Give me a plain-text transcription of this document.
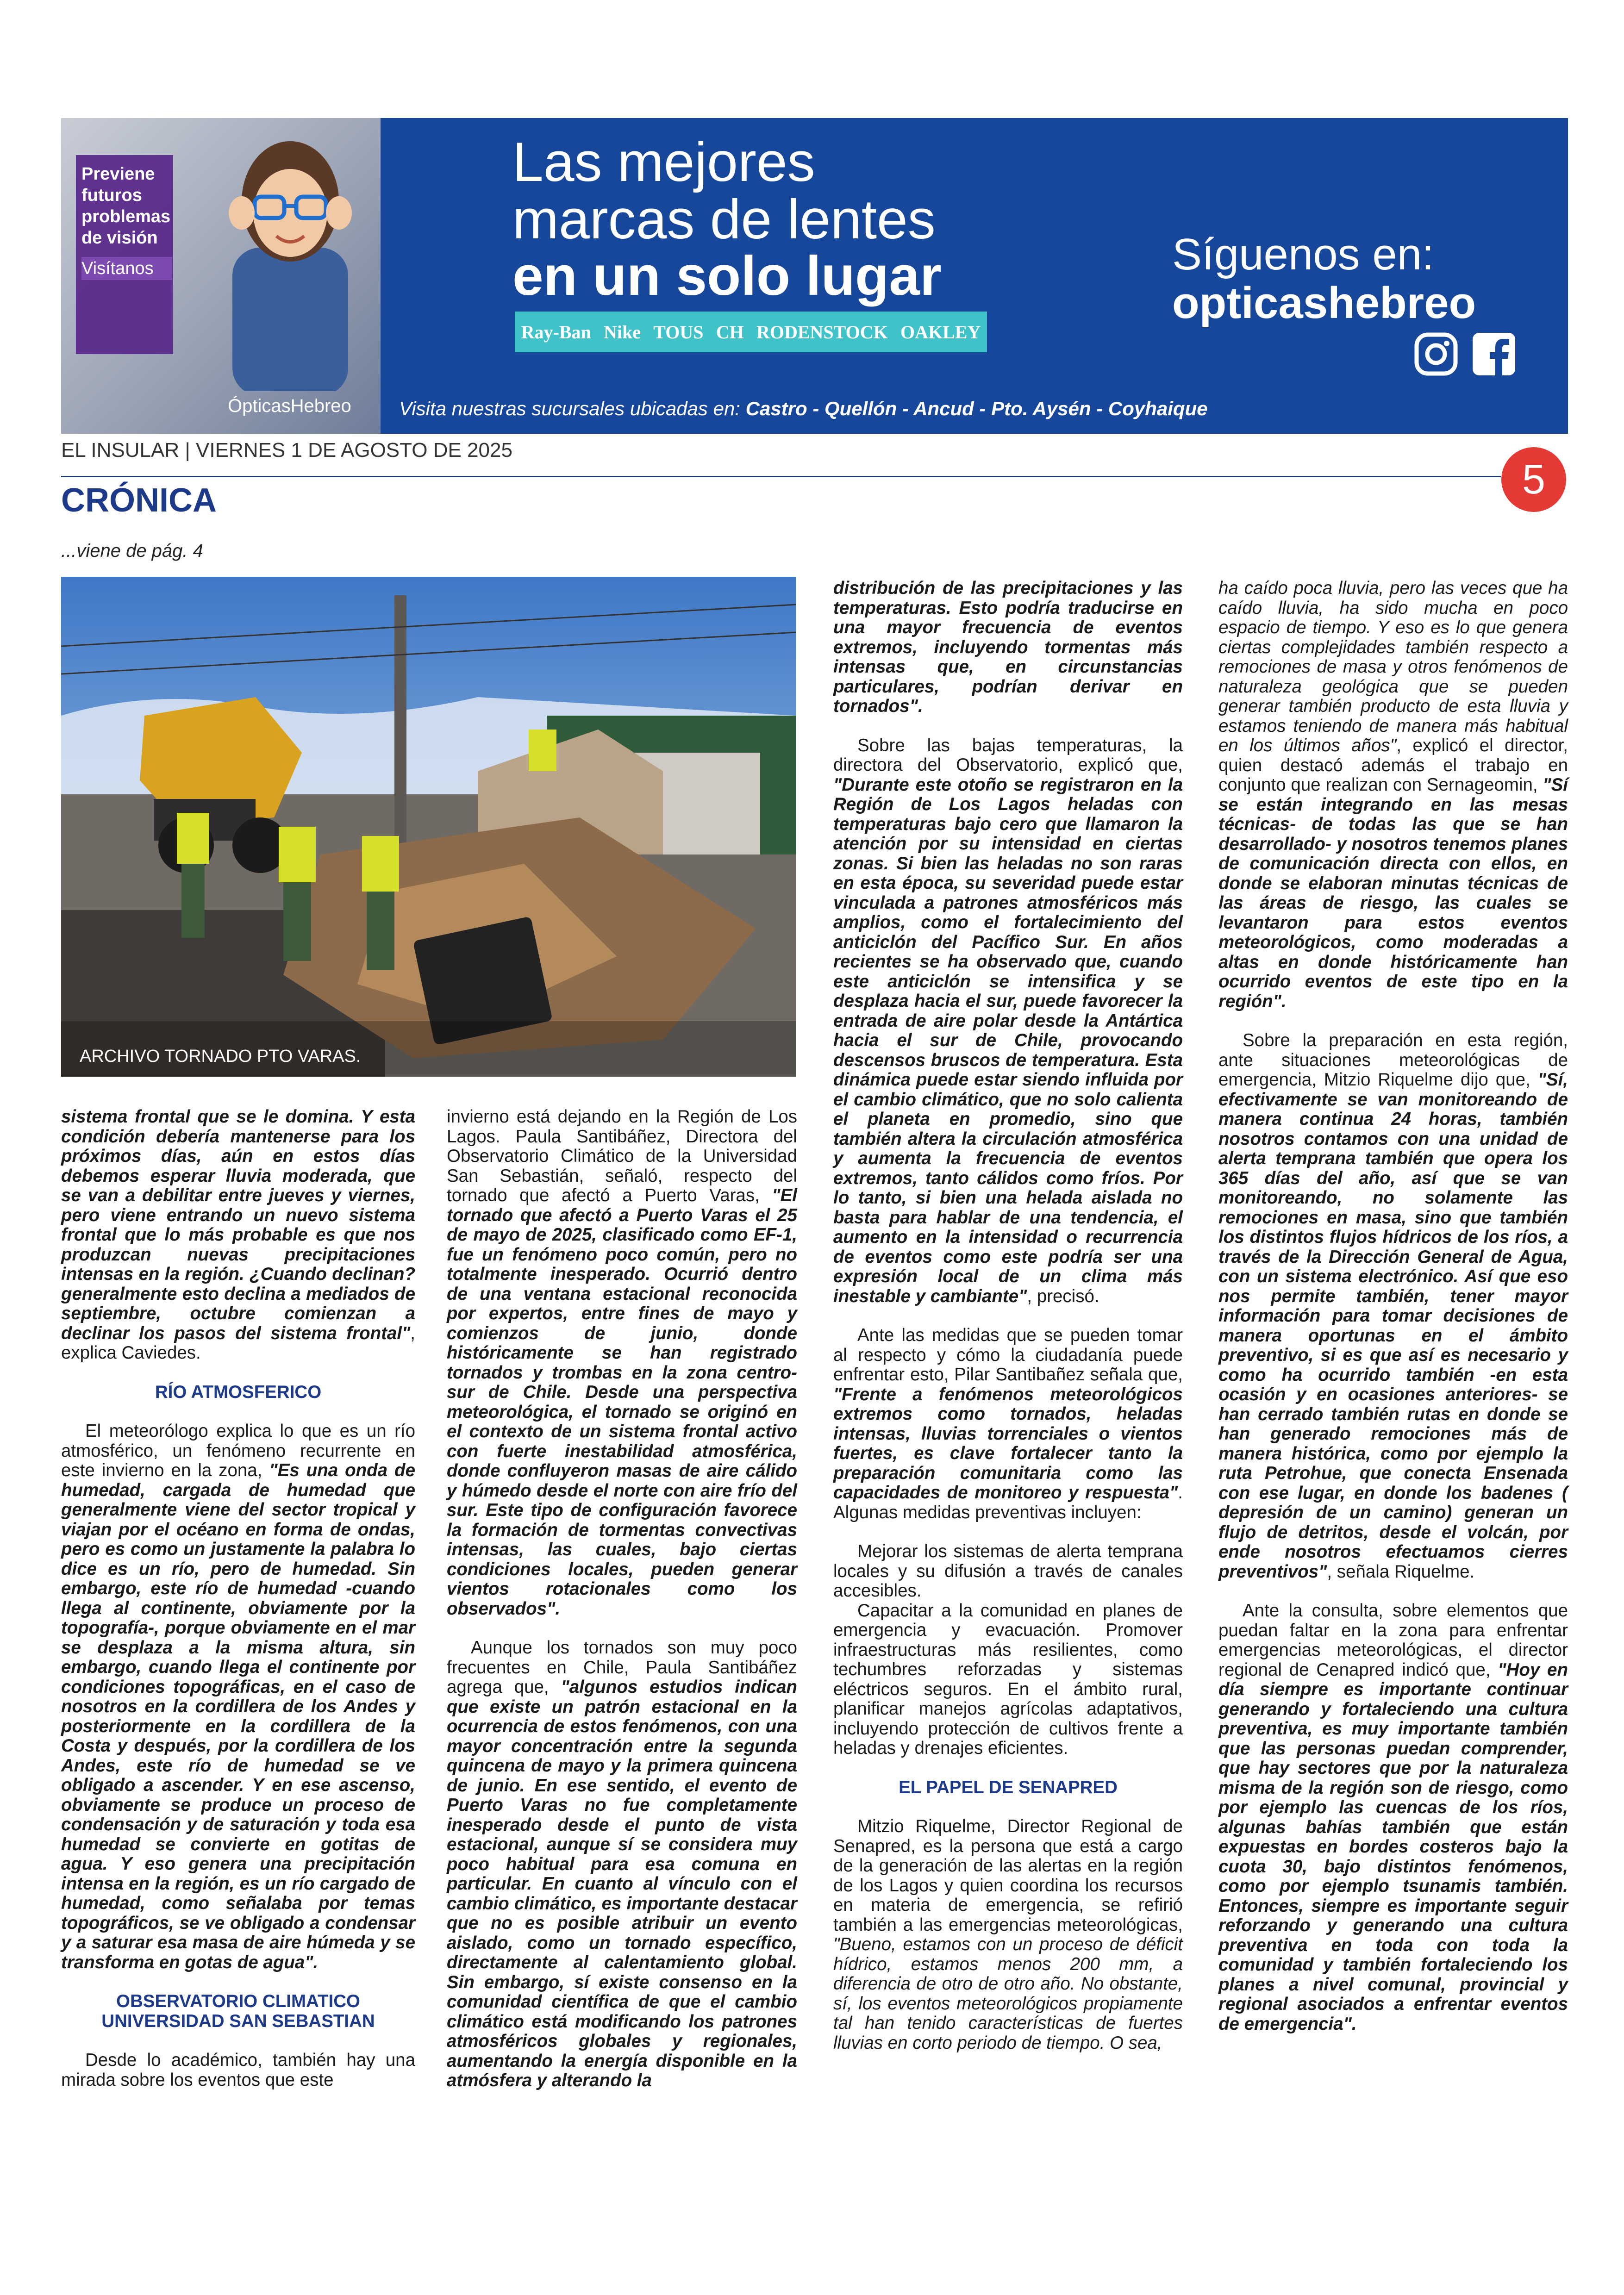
Previene futuros problemas de visión
Visítanos
ÓpticasHebreo
Las mejores
marcas de lentes
en un solo lugar
Ray-Ban Nike TOUS CH RODENSTOCK OAKLEY
Síguenos en:
opticashebreo
Visita nuestras sucursales ubicadas en: Castro - Quellón - Ancud - Pto. Aysén - Coyhaique
EL INSULAR | VIERNES 1 DE AGOSTO DE 2025
5
CRÓNICA
...viene de pág. 4
ARCHIVO TORNADO PTO VARAS.

sistema frontal que se le domina. Y esta condición debería mantenerse para los próximos días, aún en estos días debemos esperar lluvia moderada, que se van a debilitar entre jueves y viernes, pero viene entrando un nuevo sistema frontal que lo más probable es que nos produzcan nuevas precipitaciones intensas en la región. ¿Cuando declinan? generalmente esto declina a mediados de septiembre, octubre comienzan a declinar los pasos del sistema frontal", explica Caviedes.

RÍO ATMOSFERICO

El meteorólogo explica lo que es un río atmosférico, un fenómeno recurrente en este invierno en la zona, "Es una onda de humedad, cargada de humedad que generalmente viene del sector tropical y viajan por el océano en forma de ondas, pero es como un justamente la palabra lo dice es un río, pero de humedad. Sin embargo, este río de humedad -cuando llega al continente, obviamente por la topografía-, porque obviamente en el mar se desplaza a la misma altura, sin embargo, cuando llega el continente por condiciones topográficas, en el caso de nosotros en la cordillera de los Andes y posteriormente en la cordillera de la Costa y después, por la cordillera de los Andes, este río de humedad se ve obligado a ascender. Y en ese ascenso, obviamente se produce un proceso de condensación y de saturación y toda esa humedad se convierte en gotitas de agua. Y eso genera una precipitación intensa en la región, es un río cargado de humedad, como señalaba por temas topográficos, se ve obligado a condensar y a saturar esa masa de aire húmeda y se transforma en gotas de agua".

OBSERVATORIO CLIMATICO UNIVERSIDAD SAN SEBASTIAN

Desde lo académico, también hay una mirada sobre los eventos que este

invierno está dejando en la Región de Los Lagos. Paula Santibáñez, Directora del Observatorio Climático de la Universidad San Sebastián, señaló, respecto del tornado que afectó a Puerto Varas, "El tornado que afectó a Puerto Varas el 25 de mayo de 2025, clasificado como EF-1, fue un fenómeno poco común, pero no totalmente inesperado. Ocurrió dentro de una ventana estacional reconocida por expertos, entre fines de mayo y comienzos de junio, donde históricamente se han registrado tornados y trombas en la zona centro-sur de Chile. Desde una perspectiva meteorológica, el tornado se originó en el contexto de un sistema frontal activo con fuerte inestabilidad atmosférica, donde confluyeron masas de aire cálido y húmedo desde el norte con aire frío del sur. Este tipo de configuración favorece la formación de tormentas convectivas intensas, las cuales, bajo ciertas condiciones locales, pueden generar vientos rotacionales como los observados".

Aunque los tornados son muy poco frecuentes en Chile, Paula Santibáñez agrega que, "algunos estudios indican que existe un patrón estacional en la ocurrencia de estos fenómenos, con una mayor concentración entre la segunda quincena de mayo y la primera quincena de junio. En ese sentido, el evento de Puerto Varas no fue completamente inesperado desde el punto de vista estacional, aunque sí se considera muy poco habitual para esa comuna en particular. En cuanto al vínculo con el cambio climático, es importante destacar que no es posible atribuir un evento aislado, como un tornado específico, directamente al calentamiento global. Sin embargo, sí existe consenso en la comunidad científica de que el cambio climático está modificando los patrones atmosféricos globales y regionales, aumentando la energía disponible en la atmósfera y alterando la

distribución de las precipitaciones y las temperaturas. Esto podría traducirse en una mayor frecuencia de eventos extremos, incluyendo tormentas más intensas que, en circunstancias particulares, podrían derivar en tornados".

Sobre las bajas temperaturas, la directora del Observatorio, explicó que, "Durante este otoño se registraron en la Región de Los Lagos heladas con temperaturas bajo cero que llamaron la atención por su intensidad en ciertas zonas. Si bien las heladas no son raras en esta época, su severidad puede estar vinculada a patrones atmosféricos más amplios, como el fortalecimiento del anticiclón del Pacífico Sur. En años recientes se ha observado que, cuando este anticiclón se intensifica y se desplaza hacia el sur, puede favorecer la entrada de aire polar desde la Antártica hacia el sur de Chile, provocando descensos bruscos de temperatura. Esta dinámica puede estar siendo influida por el cambio climático, que no solo calienta el planeta en promedio, sino que también altera la circulación atmosférica y aumenta la frecuencia de eventos extremos, tanto cálidos como fríos. Por lo tanto, si bien una helada aislada no basta para hablar de una tendencia, el aumento en la intensidad o recurrencia de eventos como este podría ser una expresión local de un clima más inestable y cambiante", precisó.

Ante las medidas que se pueden tomar al respecto y cómo la ciudadanía puede enfrentar esto, Pilar Santibañez señala que, "Frente a fenómenos meteorológicos extremos como tornados, heladas intensas, lluvias torrenciales o vientos fuertes, es clave fortalecer tanto la preparación comunitaria como las capacidades de monitoreo y respuesta". Algunas medidas preventivas incluyen:

Mejorar los sistemas de alerta temprana locales y su difusión a través de canales accesibles.

Capacitar a la comunidad en planes de emergencia y evacuación. Promover infraestructuras más resilientes, como techumbres reforzadas y sistemas eléctricos seguros. En el ámbito rural, planificar manejos agrícolas adaptativos, incluyendo protección de cultivos frente a heladas y drenajes eficientes.

EL PAPEL DE SENAPRED

Mitzio Riquelme, Director Regional de Senapred, es la persona que está a cargo de la generación de las alertas en la región de los Lagos y quien coordina los recursos en materia de emergencia, se refirió también a las emergencias meteorológicas, "Bueno, estamos con un proceso de déficit hídrico, estamos menos 200 mm, a diferencia de otro de otro año. No obstante, sí, los eventos meteorológicos propiamente tal han tenido características de fuertes lluvias en corto periodo de tiempo. O sea,

ha caído poca lluvia, pero las veces que ha caído lluvia, ha sido mucha en poco espacio de tiempo. Y eso es lo que genera ciertas complejidades también respecto a remociones de masa y otros fenómenos de naturaleza geológica que se pueden generar también producto de esta lluvia y estamos teniendo de manera más habitual en los últimos años", explicó el director, quien destacó además el trabajo en conjunto que realizan con Sernageomin, "Sí se están integrando en las mesas técnicas- de todas las que se han desarrollado- y nosotros tenemos planes de comunicación directa con ellos, en donde se elaboran minutas técnicas de las áreas de riesgo, las cuales se levantaron para estos eventos meteorológicos, como moderadas a altas en donde históricamente han ocurrido eventos de este tipo en la región".

Sobre la preparación en esta región, ante situaciones meteorológicas de emergencia, Mitzio Riquelme dijo que, "Sí, efectivamente se van monitoreando de manera continua 24 horas, también nosotros contamos con una unidad de alerta temprana también que opera los 365 días del año, así que se van monitoreando, no solamente las remociones en masa, sino que también los distintos flujos hídricos de los ríos, a través de la Dirección General de Agua, con un sistema electrónico. Así que eso nos permite también, tener mayor información para tomar decisiones de manera oportunas en el ámbito preventivo, si es que así es necesario y como ha ocurrido también -en esta ocasión y en ocasiones anteriores- se han cerrado también rutas en donde se han generado remociones más de manera histórica, como por ejemplo la ruta Petrohue, que conecta Ensenada con ese lugar, en donde los badenes ( depresión de un camino) generan un flujo de detritos, desde el volcán, por ende nosotros efectuamos cierres preventivos", señala Riquelme.

Ante la consulta, sobre elementos que puedan faltar en la zona para enfrentar emergencias meteorológicas, el director regional de Cenapred indicó que, "Hoy en día siempre es importante continuar generando y fortaleciendo una cultura preventiva, es muy importante también que las personas puedan comprender, que hay sectores que por la naturaleza misma de la región son de riesgo, como por ejemplo las cuencas de los ríos, algunas bahías también que están expuestas en bordes costeros bajo la cuota 30, bajo distintos fenómenos, como por ejemplo tsunamis también. Entonces, siempre es importante seguir reforzando y generando una cultura preventiva en toda con toda la comunidad y también fortaleciendo los planes a nivel comunal, provincial y regional asociados a enfrentar eventos de emergencia".
